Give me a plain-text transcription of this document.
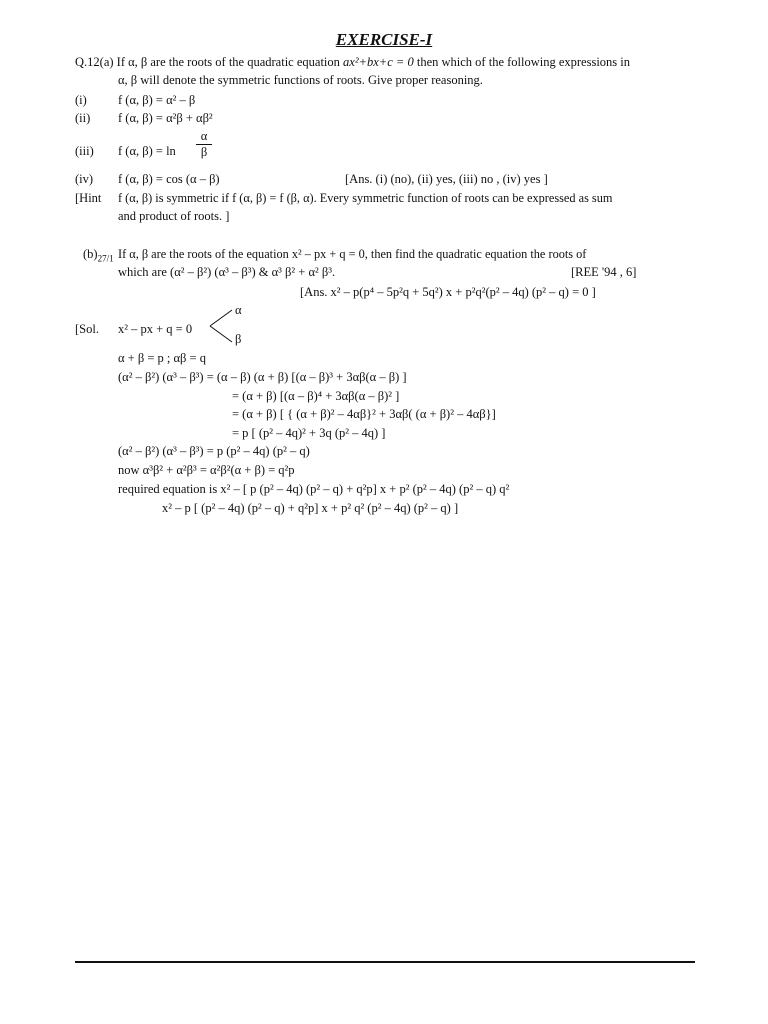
EXERCISE-I
Q.12(a) If α, β are the roots of the quadratic equation ax²+bx+c = 0 then which of the following expressions in
α, β will denote the symmetric functions of roots. Give proper reasoning.
(i) f (α, β) = α² – β
(ii) f (α, β) = α²β + αβ²
(iii) f (α, $\beta) = \ln \frac{\alpha}{\beta}$
(iv) f (α, β) = cos (α – β)	[Ans. (i) (no), (ii) yes, (iii) no , (iv) yes ]
[Hint f (α, β) is symmetric if f (α, β) = f (β, α). Every symmetric function of roots can be expressed as sum
and product of roots. ]
$(b)_{27/1}$ If α, β are the roots of the equation x² – px + q = 0, then find the quadratic equation the roots of
which are (α² – β²) (α³ – β³) & α³ β² + α² β³.	[REE '94 , 6]
[Ans. x² – p(p⁴ – 5p²q + 5q²) x + p²q²(p² – 4q) (p² – q) = 0 ]
[Sol. x² – px + q = 0
α
β
α + β = p ; αβ = q
(α² – β²) (α³ – β³) = (α – β) (α + β) [(α – β)³ + 3αβ(α – β) ]
= (α + β) [(α – β)⁴ + 3αβ(α – β)² ]
= (α + β) [ { (α + β)² – 4αβ}² + 3αβ( (α + β)² – 4αβ}]
= p [ (p² – 4q)² + 3q (p² – 4q) ]
(α² – β²) (α³ – β³) = p (p² – 4q) (p² – q)
now α³β² + α²β³ = α²β²(α + β) = q²p
required equation is x² – [ p (p² – 4q) (p² – q) + q²p] x + p² (p² – 4q) (p² – q) q²
x² – p [ (p² – 4q) (p² – q) + q²p] x + p² q² (p² – 4q) (p² – q) ]
